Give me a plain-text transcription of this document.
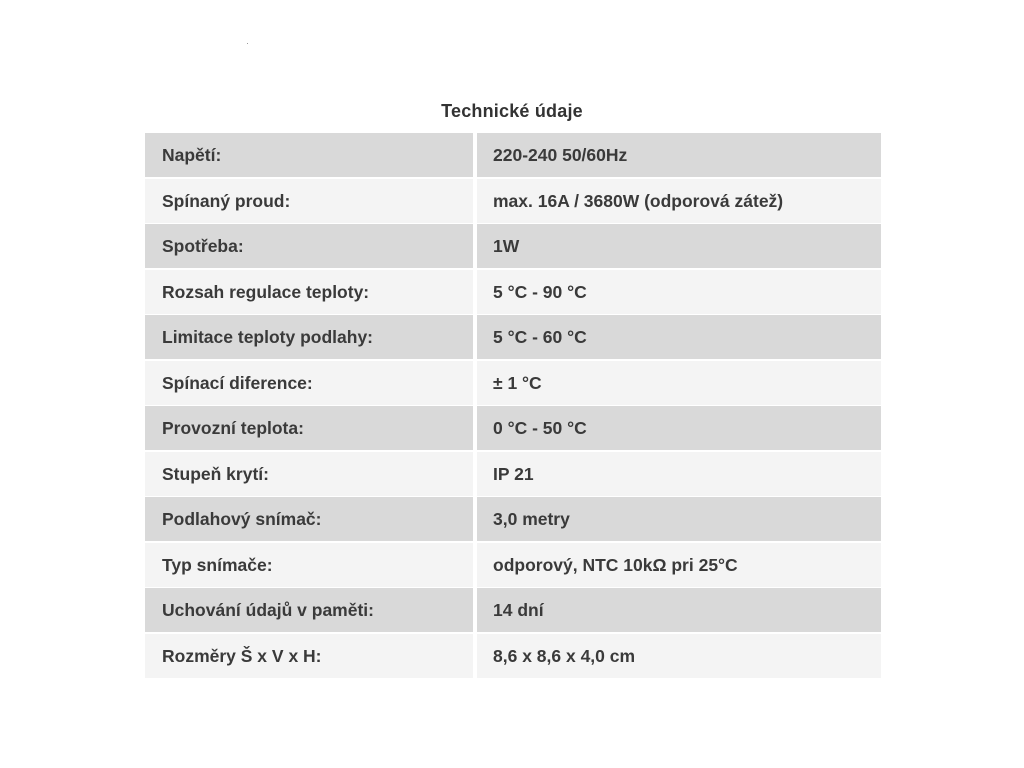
Technické údaje
Napětí:	220-240 50/60Hz
Spínaný proud:	max. 16A / 3680W (odporová zátež)
Spotřeba:	1W
Rozsah regulace teploty:	5 °C - 90 °C
Limitace teploty podlahy:	5 °C - 60 °C
Spínací diference:	± 1 °C
Provozní teplota:	0 °C - 50 °C
Stupeň krytí:	IP 21
Podlahový snímač:	3,0 metry
Typ snímače:	odporový, NTC 10kΩ pri 25°C
Uchování údajů v paměti:	14 dní
Rozměry Š x V x H:	8,6 x 8,6 x 4,0 cm
